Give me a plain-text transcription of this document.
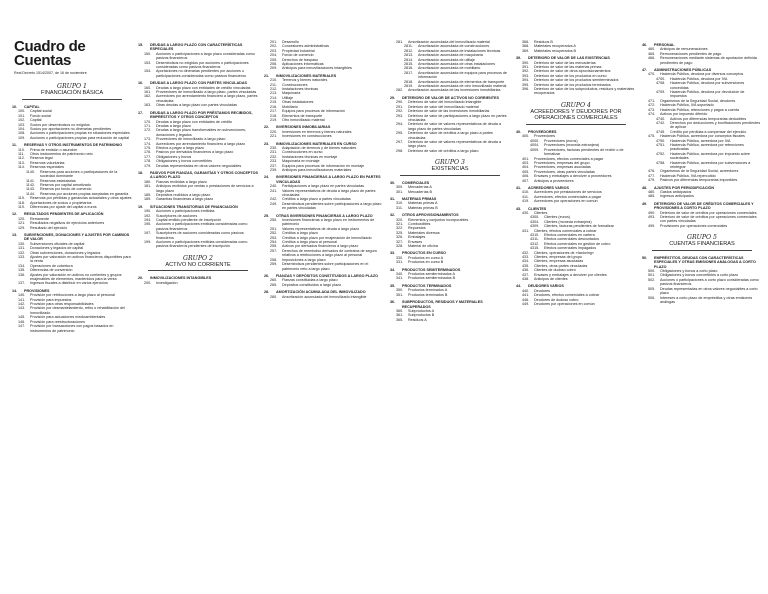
Cuadro de Cuentas
Real Decreto 1514/2007, de 16 de noviembre
GRUPO 1
FINANCIACIÓN BÁSICA
10.	CAPITAL
100.	Capital social
101.	Fondo social
102.	Capital
103.	Socios por desembolsos no exigidos
104.	Socios por aportaciones no dinerarias pendientes
108.	Acciones o participaciones propias en situaciones especiales
109.	Acciones o participaciones propias para reducción de capital
11.	RESERVAS Y OTROS INSTRUMENTOS DE PATRIMONIO
110.	Prima de emisión o asunción
111.	Otros instrumentos de patrimonio neto
112.	Reserva legal
113.	Reservas voluntarias
114.	Reservas especiales
1140.	Reservas para acciones o participaciones de la sociedad dominante
1141.	Reservas estatutarias
1142.	Reserva por capital amortizado
1143.	Reserva por fondo de comercio
1144.	Reservas por acciones propias aceptadas en garantía
115.	Reservas por pérdidas y ganancias actuariales y otros ajustes
118.	Aportaciones de socios o propietarios
119.	Diferencias por ajuste del capital a euros
12.	RESULTADOS PENDIENTES DE APLICACIÓN
120.	Remanente
121.	Resultados negativos de ejercicios anteriores
129.	Resultado del ejercicio
13.	SUBVENCIONES, DONACIONES Y AJUSTES POR CAMBIOS DE VALOR
130.	Subvenciones oficiales de capital
131.	Donaciones y legados de capital
132.	Otras subvenciones, donaciones y legados
133.	Ajustes por valoración en activos financieros disponibles para la venta
134.	Operaciones de cobertura
135.	Diferencias de conversión
136.	Ajustes por valoración en activos no corrientes y grupos enajenables de elementos, mantenidos para la venta
137.	Ingresos fiscales a distribuir en varios ejercicios
14.	PROVISIONES
140.	Provisión por retribuciones a largo plazo al personal
141.	Provisión para impuestos
142.	Provisión para otras responsabilidades
143.	Provisión por desmantelamiento, retiro o rehabilitación del inmovilizado
145.	Provisión para actuaciones medioambientales
146.	Provisión para reestructuraciones
147.	Provisión por transacciones con pagos basados en instrumentos de patrimonio
15.	DEUDAS A LARGO PLAZO CON CARACTERÍSTICAS ESPECIALES
150.	Acciones o participaciones a largo plazo consideradas como pasivos financieros
153.	Desembolsos no exigidos por acciones o participaciones consideradas como pasivos financieros
154.	Aportaciones no dinerarias pendientes por acciones o participaciones consideradas como pasivos financieros
16.	DEUDAS A LARGO PLAZO CON PARTES VINCULADAS
160.	Deudas a largo plazo con entidades de crédito vinculadas
161.	Proveedores de inmovilizado a largo plazo, partes vinculadas
162.	Acreedores por arrendamiento financiero a largo plazo, partes vinculadas
163.	Otras deudas a largo plazo con partes vinculadas
17.	DEUDAS A LARGO PLAZO POR PRÉSTAMOS RECIBIDOS, EMPRÉSTITOS Y OTROS CONCEPTOS
170.	Deudas a largo plazo con entidades de crédito
171.	Deudas a largo plazo
172.	Deudas a largo plazo transformables en subvenciones, donaciones y legados
173.	Proveedores de inmovilizado a largo plazo
174.	Acreedores por arrendamiento financiero a largo plazo
175.	Efectos a pagar a largo plazo
176.	Pasivos por derivados financieros a largo plazo
177.	Obligaciones y bonos
178.	Obligaciones y bonos convertibles
179.	Deudas representadas en otros valores negociables
18.	PASIVOS POR FIANZAS, GARANTÍAS Y OTROS CONCEPTOS A LARGO PLAZO
180.	Fianzas recibidas a largo plazo
181.	Anticipos recibidos por ventas o prestaciones de servicios a largo plazo
185.	Depósitos recibidos a largo plazo
189.	Garantías financieras a largo plazo
19.	SITUACIONES TRANSITORIAS DE FINANCIACIÓN
190.	Acciones o participaciones emitidas
192.	Suscriptores de acciones
194.	Capital emitido pendiente de inscripción
195.	Acciones o participaciones emitidas consideradas como pasivos financieros
197.	Suscriptores de acciones consideradas como pasivos financieros
199.	Acciones o participaciones emitidas consideradas como pasivos financieros pendientes de inscripción
GRUPO 2
ACTIVO NO CORRIENTE
20.	INMOVILIZACIONES INTANGIBLES
200.	Investigación
201.	Desarrollo
202.	Concesiones administrativas
203.	Propiedad industrial
204.	Fondo de comercio
205.	Derechos de traspaso
206.	Aplicaciones informáticas
209.	Anticipos para inmovilizaciones intangibles
21.	INMOVILIZACIONES MATERIALES
210.	Terrenos y bienes naturales
211.	Construcciones
212.	Instalaciones técnicas
213.	Maquinaria
214.	Utillaje
215.	Otras instalaciones
216.	Mobiliario
217.	Equipos para procesos de información
218.	Elementos de transporte
219.	Otro inmovilizado material
22.	INVERSIONES INMOBILIARIAS
220.	Inversiones en terrenos y bienes naturales
221.	Inversiones en construcciones
23.	INMOVILIZACIONES MATERIALES EN CURSO
230.	Adaptación de terrenos y de bienes naturales
231.	Construcciones en curso
232.	Instalaciones técnicas en montaje
233.	Maquinaria en montaje
237.	Equipos para procesos de información en montaje
239.	Anticipos para inmovilizaciones materiales
24.	INVERSIONES FINANCIERAS A LARGO PLAZO EN PARTES VINCULADAS
240.	Participaciones a largo plazo en partes vinculadas
241.	Valores representativos de deuda a largo plazo de partes vinculadas
242.	Créditos a largo plazo a partes vinculadas
249.	Desembolsos pendientes sobre participaciones a largo plazo en partes vinculadas
25.	OTRAS INVERSIONES FINANCIERAS A LARGO PLAZO
250.	Inversiones financieras a largo plazo en instrumentos de patrimonio
251.	Valores representativos de deuda a largo plazo
252.	Créditos a largo plazo
253.	Créditos a largo plazo por enajenación de inmovilizado
254.	Créditos a largo plazo al personal
255.	Activos por derivados financieros a largo plazo
257.	Derechos de reembolso derivados de contratos de seguro relativos a retribuciones a largo plazo al personal
258.	Imposiciones a largo plazo
259.	Desembolsos pendientes sobre participaciones en el patrimonio neto a largo plazo
26.	FIANZAS Y DEPÓSITOS CONSTITUIDOS A LARGO PLAZO
260.	Fianzas constituidas a largo plazo
265.	Depósitos constituidos a largo plazo
28.	AMORTIZACIÓN ACUMULADA DEL INMOVILIZADO
280.	Amortización acumulada del inmovilizado intangible
281.	Amortización acumulada del inmovilizado material
2811.	Amortización acumulada de construcciones
2812.	Amortización acumulada de instalaciones técnicas
2813.	Amortización acumulada de maquinaria
2814.	Amortización acumulada de utillaje
2815.	Amortización acumulada de otras instalaciones
2816.	Amortización acumulada de mobiliario
2817.	Amortización acumulada de equipos para procesos de información
2818.	Amortización acumulada de elementos de transporte
2819.	Amortización acumulada de otro inmovilizado material
282.	Amortización acumulada de las inversiones inmobiliarias
29.	DETERIORO DE VALOR DE ACTIVOS NO CORRIENTES
290.	Deterioro de valor del inmovilizado intangible
291.	Deterioro de valor del inmovilizado material
292.	Deterioro de valor de las inversiones inmobiliarias
293.	Deterioro de valor de participaciones a largo plazo en partes vinculadas
294.	Deterioro de valor de valores representativos de deuda a largo plazo de partes vinculadas
295.	Deterioro de valor de créditos a largo plazo a partes vinculadas
297.	Deterioro de valor de valores representativos de deuda a largo plazo
298.	Deterioro de valor de créditos a largo plazo
GRUPO 3
EXISTENCIAS
30.	COMERCIALES
300.	Mercaderías A
301.	Mercaderías B
31.	MATERIAS PRIMAS
310.	Materias primas A
311.	Materias primas B
32.	OTROS APROVISIONAMIENTOS
320.	Elementos y conjuntos incorporables
321.	Combustibles
322.	Repuestos
325.	Materiales diversos
326.	Embalajes
327.	Envases
328.	Material de oficina
33.	PRODUCTOS EN CURSO
330.	Productos en curso A
331.	Productos en curso B
34.	PRODUCTOS SEMITERMINADOS
340.	Productos semiterminados A
341.	Productos semiterminados B
35.	PRODUCTOS TERMINADOS
350.	Productos terminados A
351.	Productos terminados B
36.	SUBPRODUCTOS, RESIDUOS Y MATERIALES RECUPERADOS
360.	Subproductos A
361.	Subproductos B
365.	Residuos A
366.	Residuos B
368.	Materiales recuperados A
369.	Materiales recuperados B
39.	DETERIORO DE VALOR DE LAS EXISTENCIAS
390.	Deterioro de valor de las mercaderías
391.	Deterioro de valor de las materias primas
392.	Deterioro de valor de otros aprovisionamientos
393.	Deterioro de valor de los productos en curso
394.	Deterioro de valor de los productos semiterminados
395.	Deterioro de valor de los productos terminados
396.	Deterioro de valor de los subproductos, residuos y materiales recuperados
GRUPO 4
ACREEDORES Y DEUDORES POR OPERACIONES COMERCIALES
40.	PROVEEDORES
400.	Proveedores
4000.	Proveedores (euros)
4004.	Proveedores (moneda extranjera)
4009.	Proveedores, facturas pendientes de recibir o de formalizar
401.	Proveedores, efectos comerciales a pagar
403.	Proveedores, empresas del grupo
404.	Proveedores, empresas asociadas
405.	Proveedores, otras partes vinculadas
406.	Envases y embalajes a devolver a proveedores
407.	Anticipos a proveedores
41.	ACREEDORES VARIOS
410.	Acreedores por prestaciones de servicios
411.	Acreedores, efectos comerciales a pagar
419.	Acreedores por operaciones en común
43.	CLIENTES
430.	Clientes
4300.	Clientes (euros)
4304.	Clientes (moneda extranjera)
4309.	Clientes, facturas pendientes de formalizar
431.	Clientes, efectos comerciales a cobrar
4310.	Efectos comerciales en cartera
4311.	Efectos comerciales descontados
4312.	Efectos comerciales en gestión de cobro
4315.	Efectos comerciales impagados
432.	Clientes, operaciones de «factoring»
433.	Clientes, empresas del grupo
434.	Clientes, empresas asociadas
435.	Clientes, otras partes vinculadas
436.	Clientes de dudoso cobro
437.	Envases y embalajes a devolver por clientes
438.	Anticipos de clientes
44.	DEUDORES VARIOS
440.	Deudores
441.	Deudores, efectos comerciales a cobrar
446.	Deudores de dudoso cobro
449.	Deudores por operaciones en común
46.	PERSONAL
460.	Anticipos de remuneraciones
465.	Remuneraciones pendientes de pago
466.	Remuneraciones mediante sistemas de aportación definida pendientes de pago
47.	ADMINISTRACIONES PÚBLICAS
470.	Hacienda Pública, deudora por diversos conceptos
4700.	Hacienda Pública, deudora por IVA
4708.	Hacienda Pública, deudora por subvenciones concedidas
4709.	Hacienda Pública, deudora por devolución de impuestos
471.	Organismos de la Seguridad Social, deudores
472.	Hacienda Pública, IVA soportado
473.	Hacienda Pública, retenciones y pagos a cuenta
474.	Activos por impuesto diferido
4740.	Activos por diferencias temporarias deducibles
4742.	Derechos por deducciones y bonificaciones pendientes de aplicar
4745.	Crédito por pérdidas a compensar del ejercicio
475.	Hacienda Pública, acreedora por conceptos fiscales
4750.	Hacienda Pública, acreedora por IVA
4751.	Hacienda Pública, acreedora por retenciones practicadas
4752.	Hacienda Pública, acreedora por impuesto sobre sociedades
4758.	Hacienda Pública, acreedora por subvenciones a reintegrar
476.	Organismos de la Seguridad Social, acreedores
477.	Hacienda Pública, IVA repercutido
479.	Pasivos por diferencias temporarias imponibles
48.	AJUSTES POR PERIODIFICACIÓN
480.	Gastos anticipados
485.	Ingresos anticipados
49.	DETERIORO DE VALOR DE CRÉDITOS COMERCIALES Y PROVISIONES A CORTO PLAZO
490.	Deterioro de valor de créditos por operaciones comerciales
493.	Deterioro de valor de créditos por operaciones comerciales con partes vinculadas
499.	Provisiones por operaciones comerciales
GRUPO 5
CUENTAS FINANCIERAS
50.	EMPRÉSTITOS, DEUDAS CON CARACTERÍSTICAS ESPECIALES Y OTRAS EMISIONES ANÁLOGAS A CORTO PLAZO
500.	Obligaciones y bonos a corto plazo
501.	Obligaciones y bonos convertibles a corto plazo
502.	Acciones o participaciones a corto plazo consideradas como pasivos financieros
505.	Deudas representadas en otros valores negociables a corto plazo
506.	Intereses a corto plazo de empréstitos y otras emisiones análogas
